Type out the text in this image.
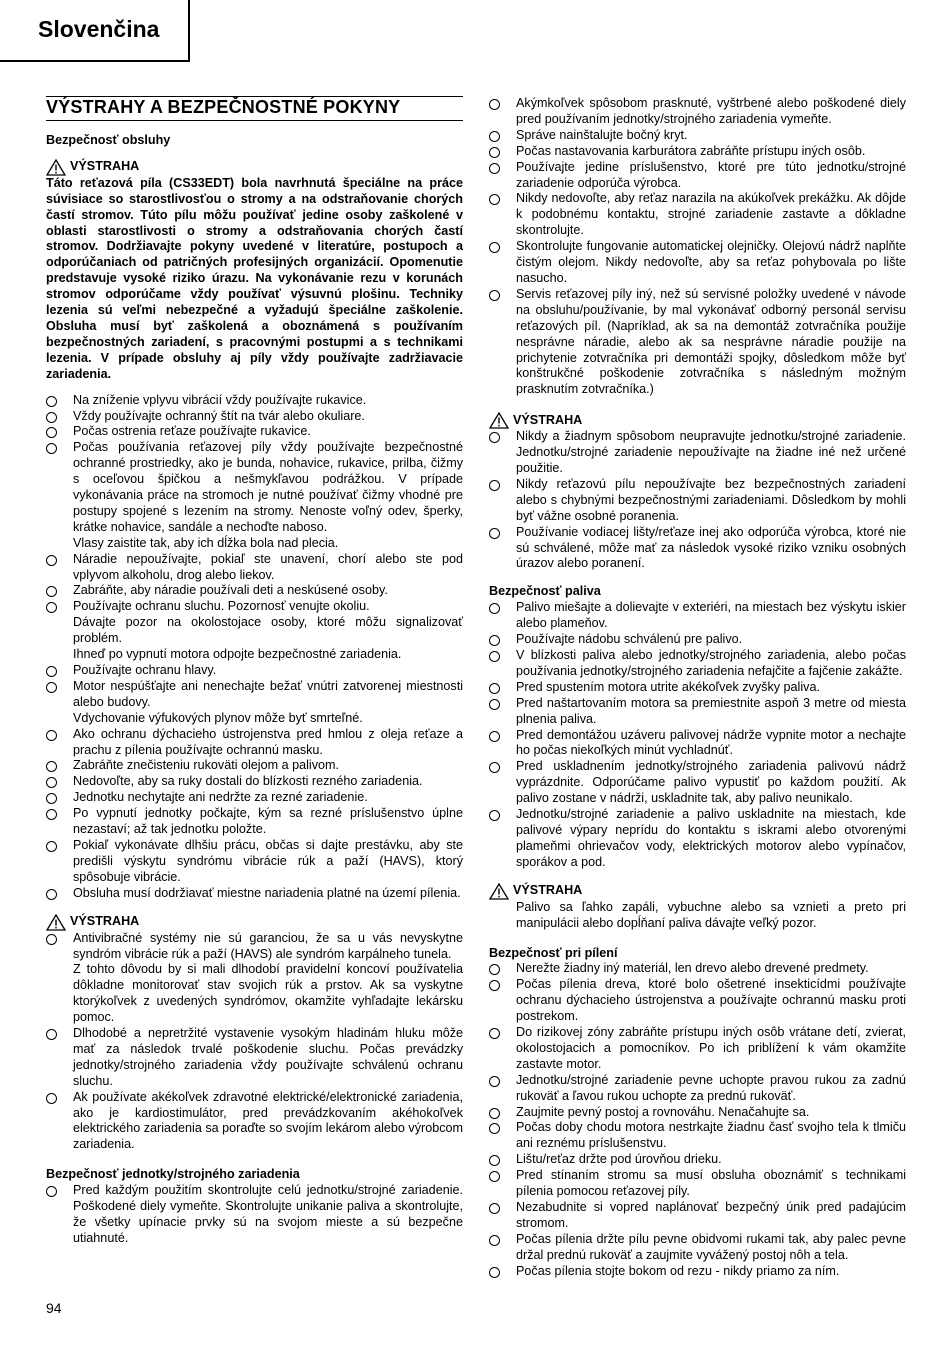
Slovenčina
VÝSTRAHY A BEZPEČNOSTNÉ POKYNY
Bezpečnosť obsluhy
VÝSTRAHA
Táto reťazová píla (CS33EDT) bola navrhnutá špeciálne na práce súvisiace so starostlivosťou o stromy a na odstraňovanie chorých častí stromov. Túto pílu môžu používať jedine osoby zaškolené v oblasti starostlivosti o stromy a odstraňovania chorých častí stromov. Dodržiavajte pokyny uvedené v literatúre, postupoch a odporúčaniach od patričných profesijných organizácií. Opomenutie predstavuje vysoké riziko úrazu. Na vykonávanie rezu v korunách stromov odporúčame vždy používať výsuvnú plošinu. Techniky lezenia sú veľmi nebezpečné a vyžadujú špeciálne zaškolenie. Obsluha musí byť zaškolená a oboznámená s používaním bezpečnostných zariadení, s pracovnými postupmi a s technikami lezenia. V prípade obsluhy aj píly vždy používajte zadržiavacie zariadenia.
Na zníženie vplyvu vibrácií vždy používajte rukavice.
Vždy používajte ochranný štít na tvár alebo okuliare.
Počas ostrenia reťaze používajte rukavice.
Počas používania reťazovej píly vždy používajte bezpečnostné ochranné prostriedky, ako je bunda, nohavice, rukavice, prilba, čižmy s oceľovou špičkou a nešmykľavou podrážkou. V prípade vykonávania práce na stromoch je nutné používať čižmy vhodné pre postupy spojené s lezením na stromy. Nenoste voľný odev, šperky, krátke nohavice, sandále a nechoďte naboso.
Vlasy zaistite tak, aby ich dĺžka bola nad plecia.
Náradie nepoužívajte, pokiaľ ste unavení, chorí alebo ste pod vplyvom alkoholu, drog alebo liekov.
Zabráňte, aby náradie používali deti a neskúsené osoby.
Používajte ochranu sluchu. Pozornosť venujte okoliu.
Dávajte pozor na okolostojace osoby, ktoré môžu signalizovať problém.
Ihneď po vypnutí motora odpojte bezpečnostné zariadenia.
Používajte ochranu hlavy.
Motor nespúšťajte ani nenechajte bežať vnútri zatvorenej miestnosti alebo budovy.
Vdychovanie výfukových plynov môže byť smrteľné.
Ako ochranu dýchacieho ústrojenstva pred hmlou z oleja reťaze a prachu z pílenia používajte ochrannú masku.
Zabráňte znečisteniu rukoväti olejom a palivom.
Nedovoľte, aby sa ruky dostali do blízkosti rezného zariadenia.
Jednotku nechytajte ani nedržte za rezné zariadenie.
Po vypnutí jednotky počkajte, kým sa rezné príslušenstvo úplne nezastaví; až tak jednotku položte.
Pokiaľ vykonávate dlhšiu prácu, občas si dajte prestávku, aby ste predišli výskytu syndrómu vibrácie rúk a paží (HAVS), ktorý spôsobuje vibrácie.
Obsluha musí dodržiavať miestne nariadenia platné na území pílenia.
VÝSTRAHA
Antivibračné systémy nie sú garanciou, že sa u vás nevyskytne syndróm vibrácie rúk a paží (HAVS) ale syndróm karpálneho tunela.
Z tohto dôvodu by si mali dlhodobí pravidelní koncoví používatelia dôkladne monitorovať stav svojich rúk a prstov. Ak sa vyskytne ktorýkoľvek z uvedených syndrómov, okamžite vyhľadajte lekársku pomoc.
Dlhodobé a nepretržité vystavenie vysokým hladinám hluku môže mať za následok trvalé poškodenie sluchu. Počas prevádzky jednotky/strojného zariadenia vždy používajte schválenú ochranu sluchu.
Ak používate akékoľvek zdravotné elektrické/elektronické zariadenia, ako je kardiostimulátor, pred prevádzkovaním akéhokoľvek elektrického zariadenia sa poraďte so svojím lekárom alebo výrobcom zariadenia.
Bezpečnosť jednotky/strojného zariadenia
Pred každým použitím skontrolujte celú jednotku/strojné zariadenie. Poškodené diely vymeňte. Skontrolujte unikanie paliva a skontrolujte, že všetky upínacie prvky sú na svojom mieste a sú bezpečne utiahnuté.
Akýmkoľvek spôsobom prasknuté, vyštrbené alebo poškodené diely pred používaním jednotky/strojného zariadenia vymeňte.
Správe nainštalujte bočný kryt.
Počas nastavovania karburátora zabráňte prístupu iných osôb.
Používajte jedine príslušenstvo, ktoré pre túto jednotku/strojné zariadenie odporúča výrobca.
Nikdy nedovoľte, aby reťaz narazila na akúkoľvek prekážku. Ak dôjde k podobnému kontaktu, strojné zariadenie zastavte a dôkladne skontrolujte.
Skontrolujte fungovanie automatickej olejničky. Olejovú nádrž naplňte čistým olejom. Nikdy nedovoľte, aby sa reťaz pohybovala po lište nasucho.
Servis reťazovej píly iný, než sú servisné položky uvedené v návode na obsluhu/používanie, by mal vykonávať odborný personál servisu reťazových píl. (Napríklad, ak sa na demontáž zotvračníka použije nesprávne náradie, alebo ak sa nesprávne náradie použije na prichytenie zotvračníka pri demontáži spojky, dôsledkom môže byť konštrukčné poškodenie zotvračníka s následným možným prasknutím zotvračníka.)
VÝSTRAHA
Nikdy a žiadnym spôsobom neupravujte jednotku/strojné zariadenie. Jednotku/strojné zariadenie nepoužívajte na žiadne iné než určené použitie.
Nikdy reťazovú pílu nepoužívajte bez bezpečnostných zariadení alebo s chybnými bezpečnostnými zariadeniami. Dôsledkom by mohli byť vážne osobné poranenia.
Používanie vodiacej lišty/reťaze inej ako odporúča výrobca, ktoré nie sú schválené, môže mať za následok vysoké riziko vzniku osobných úrazov alebo poranení.
Bezpečnosť paliva
Palivo miešajte a dolievajte v exteriéri, na miestach bez výskytu iskier alebo plameňov.
Používajte nádobu schválenú pre palivo.
V blízkosti paliva alebo jednotky/strojného zariadenia, alebo počas používania jednotky/strojného zariadenia nefajčite a fajčenie zakážte.
Pred spustením motora utrite akékoľvek zvyšky paliva.
Pred naštartovaním motora sa premiestnite aspoň 3 metre od miesta plnenia paliva.
Pred demontážou uzáveru palivovej nádrže vypnite motor a nechajte ho počas niekoľkých minút vychladnúť.
Pred uskladnením jednotky/strojného zariadenia palivovú nádrž vyprázdnite. Odporúčame palivo vypustiť po každom použití. Ak palivo zostane v nádrži, uskladnite tak, aby palivo neunikalo.
Jednotku/strojné zariadenie a palivo uskladnite na miestach, kde palivové výpary neprídu do kontaktu s iskrami alebo otvorenými plameňmi ohrievačov vody, elektrických motorov alebo vypínačov, sporákov a pod.
VÝSTRAHA
Palivo sa ľahko zapáli, vybuchne alebo sa vznieti a preto pri manipulácii alebo dopĺňaní paliva dávajte veľký pozor.
Bezpečnosť pri pílení
Nerežte žiadny iný materiál, len drevo alebo drevené predmety.
Počas pílenia dreva, ktoré bolo ošetrené insekticídmi používajte ochranu dýchacieho ústrojenstva a používajte ochrannú masku proti postrekom.
Do rizikovej zóny zabráňte prístupu iných osôb vrátane detí, zvierat, okolostojacich a pomocníkov. Po ich priblížení k vám okamžite zastavte motor.
Jednotku/strojné zariadenie pevne uchopte pravou rukou za zadnú rukoväť a ľavou rukou uchopte za prednú rukoväť.
Zaujmite pevný postoj a rovnováhu. Nenačahujte sa.
Počas doby chodu motora nestrkajte žiadnu časť svojho tela k tlmiču ani reznému príslušenstvu.
Lištu/reťaz držte pod úrovňou drieku.
Pred stínaním stromu sa musí obsluha oboznámiť s technikami pílenia pomocou reťazovej píly.
Nezabudnite si vopred naplánovať bezpečný únik pred padajúcim stromom.
Počas pílenia držte pílu pevne obidvomi rukami tak, aby palec pevne držal prednú rukoväť a zaujmite vyvážený postoj nôh a tela.
Počas pílenia stojte bokom od rezu - nikdy priamo za ním.
94
